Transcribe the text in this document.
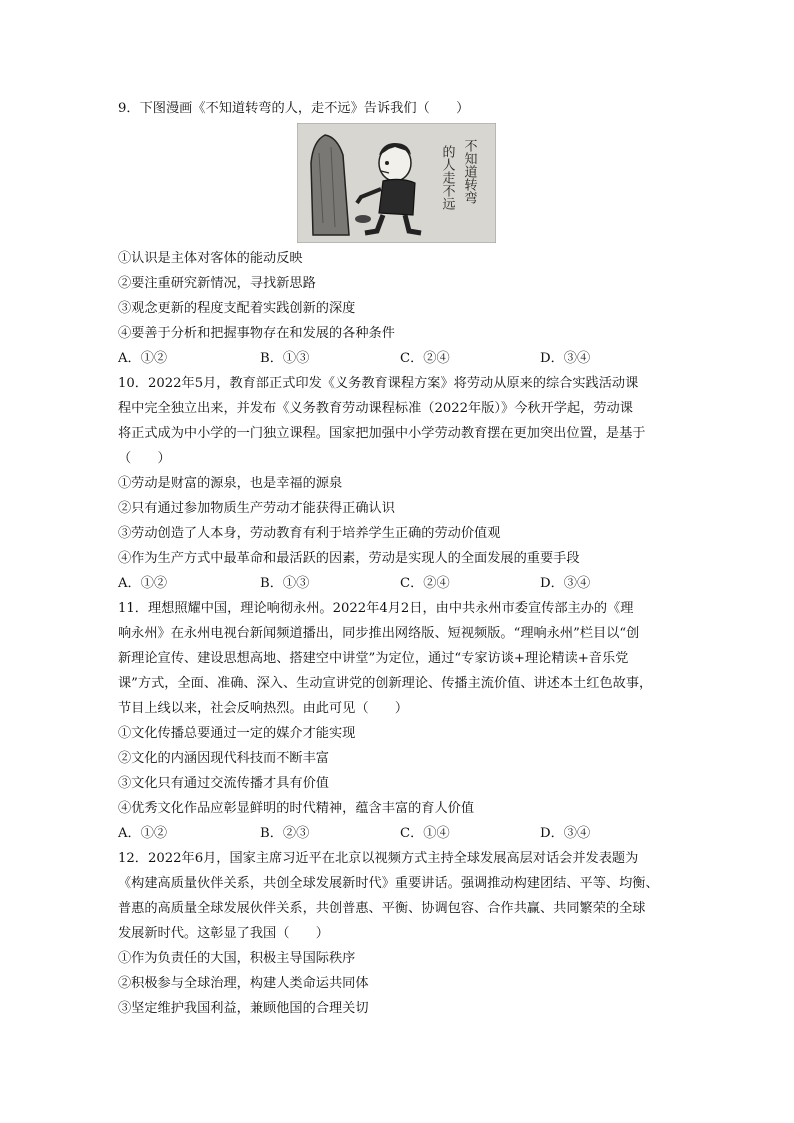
9．下图漫画《不知道转弯的人，走不远》告诉我们（　　）
不知道转弯
的人走不远
①认识是主体对客体的能动反映
②要注重研究新情况，寻找新思路
③观念更新的程度支配着实践创新的深度
④要善于分析和把握事物存在和发展的各种条件
A．①②	B．①③	C．②④	D．③④
10．2022年5月，教育部正式印发《义务教育课程方案》将劳动从原来的综合实践活动课
程中完全独立出来，并发布《义务教育劳动课程标准（2022年版）》今秋开学起，劳动课
将正式成为中小学的一门独立课程。国家把加强中小学劳动教育摆在更加突出位置，是基于
（　　）
①劳动是财富的源泉，也是幸福的源泉
②只有通过参加物质生产劳动才能获得正确认识
③劳动创造了人本身，劳动教育有利于培养学生正确的劳动价值观
④作为生产方式中最革命和最活跃的因素，劳动是实现人的全面发展的重要手段
A．①②	B．①③	C．②④	D．③④
11．理想照耀中国，理论响彻永州。2022年4月2日，由中共永州市委宣传部主办的《理
响永州》在永州电视台新闻频道播出，同步推出网络版、短视频版。“理响永州”栏目以“创
新理论宣传、建设思想高地、搭建空中讲堂”为定位，通过“专家访谈+理论精读+音乐党
课”方式，全面、准确、深入、生动宣讲党的创新理论、传播主流价值、讲述本土红色故事，
节目上线以来，社会反响热烈。由此可见（　　）
①文化传播总要通过一定的媒介才能实现
②文化的内涵因现代科技而不断丰富
③文化只有通过交流传播才具有价值
④优秀文化作品应彰显鲜明的时代精神，蕴含丰富的育人价值
A．①②	B．②③	C．①④	D．③④
12．2022年6月，国家主席习近平在北京以视频方式主持全球发展高层对话会并发表题为
《构建高质量伙伴关系，共创全球发展新时代》重要讲话。强调推动构建团结、平等、均衡、
普惠的高质量全球发展伙伴关系，共创普惠、平衡、协调包容、合作共赢、共同繁荣的全球
发展新时代。这彰显了我国（　　）
①作为负责任的大国，积极主导国际秩序
②积极参与全球治理，构建人类命运共同体
③坚定维护我国利益，兼顾他国的合理关切
